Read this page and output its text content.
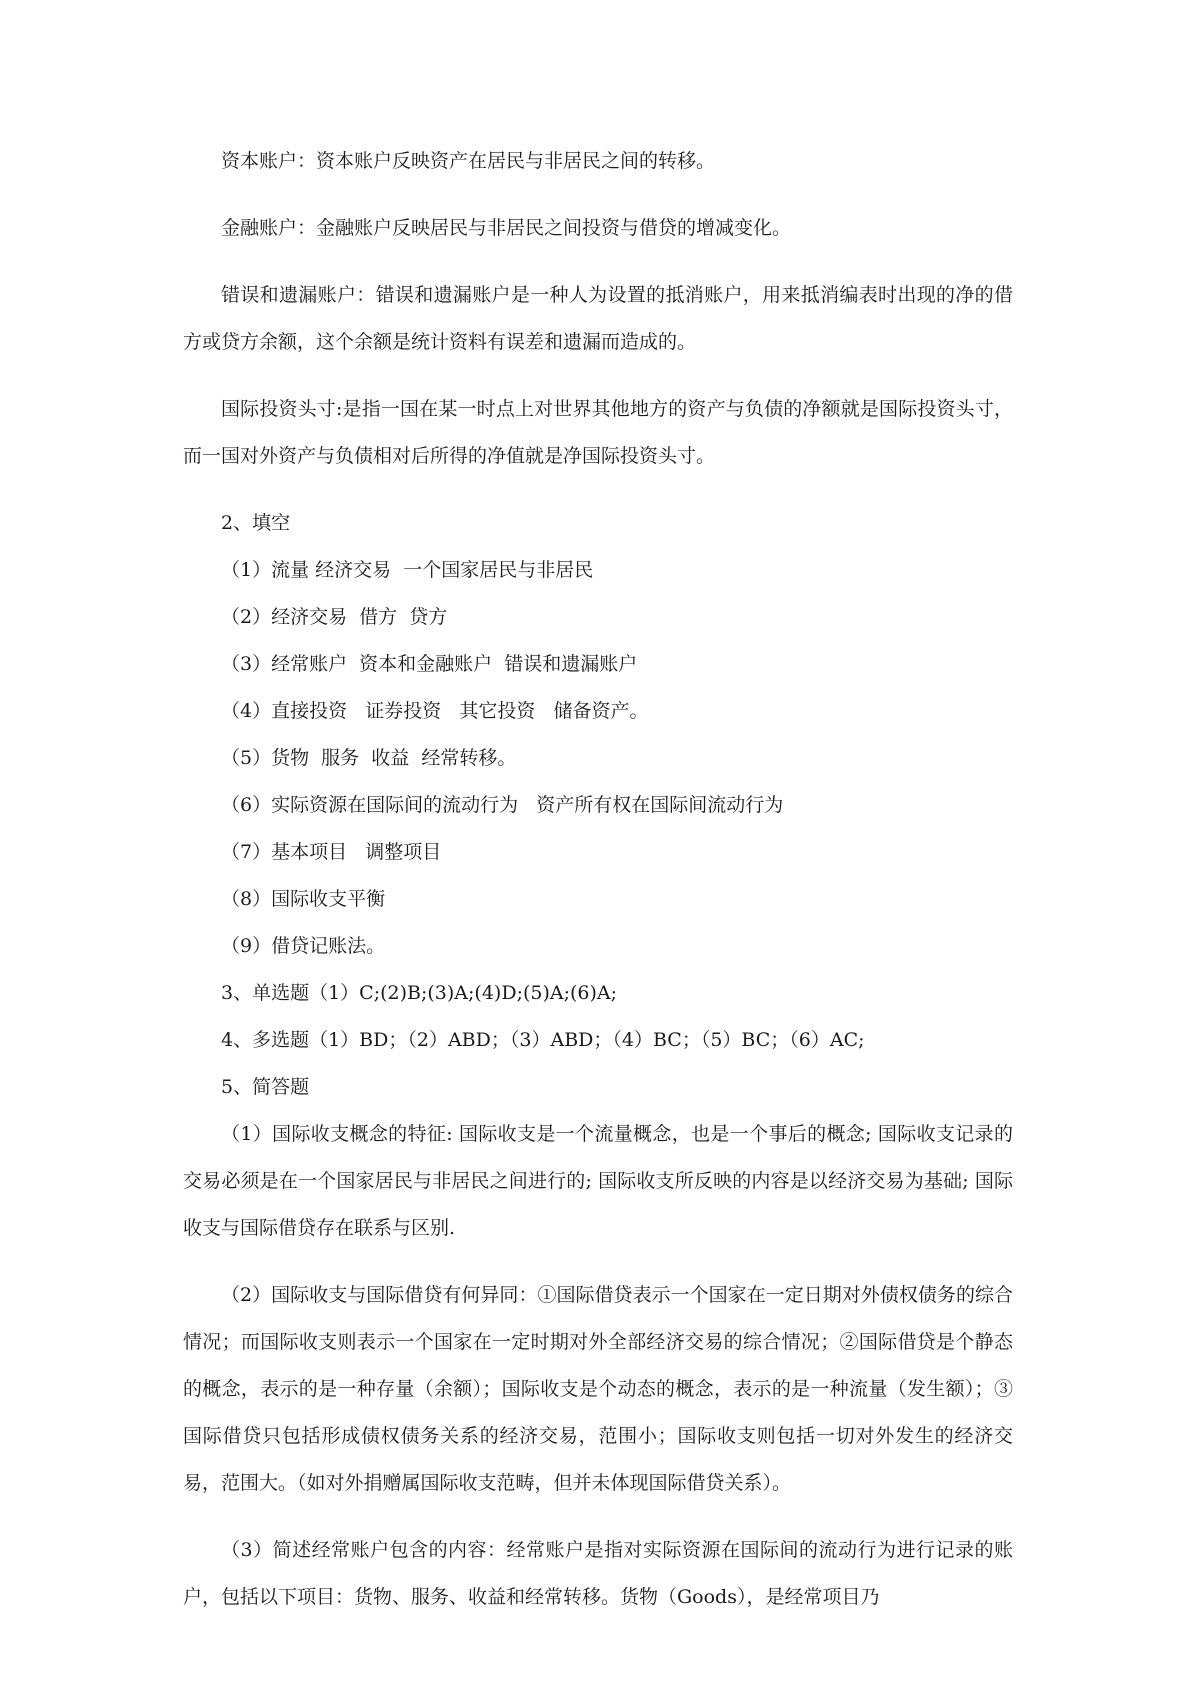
资本账户：资本账户反映资产在居民与非居民之间的转移。

金融账户：金融账户反映居民与非居民之间投资与借贷的增减变化。

错误和遗漏账户：错误和遗漏账户是一种人为设置的抵消账户，用来抵消编表时出现的净的借方或贷方余额，这个余额是统计资料有误差和遗漏而造成的。

国际投资头寸:是指一国在某一时点上对世界其他地方的资产与负债的净额就是国际投资头寸，而一国对外资产与负债相对后所得的净值就是净国际投资头寸。

2、填空
（1）流量 经济交易  一个国家居民与非居民
（2）经济交易  借方  贷方
（3）经常账户  资本和金融账户  错误和遗漏账户
（4）直接投资   证券投资   其它投资   储备资产。
（5）货物  服务  收益  经常转移。
（6）实际资源在国际间的流动行为   资产所有权在国际间流动行为
（7）基本项目   调整项目
（8）国际收支平衡
（9）借贷记账法。
3、单选题（1）C;(2)B;(3)A;(4)D;(5)A;(6)A;
4、多选题（1）BD；（2）ABD；（3）ABD；（4）BC；（5）BC；（6）AC;
5、简答题

（1）国际收支概念的特征: 国际收支是一个流量概念，也是一个事后的概念; 国际收支记录的交易必须是在一个国家居民与非居民之间进行的; 国际收支所反映的内容是以经济交易为基础; 国际收支与国际借贷存在联系与区别.

（2）国际收支与国际借贷有何异同：①国际借贷表示一个国家在一定日期对外债权债务的综合情况；而国际收支则表示一个国家在一定时期对外全部经济交易的综合情况；②国际借贷是个静态的概念，表示的是一种存量（余额）；国际收支是个动态的概念，表示的是一种流量（发生额）；③国际借贷只包括形成债权债务关系的经济交易，范围小；国际收支则包括一切对外发生的经济交易，范围大。（如对外捐赠属国际收支范畴，但并未体现国际借贷关系）。

（3）简述经常账户包含的内容：经常账户是指对实际资源在国际间的流动行为进行记录的账户，包括以下项目：货物、服务、收益和经常转移。货物（Goods），是经常项目乃
